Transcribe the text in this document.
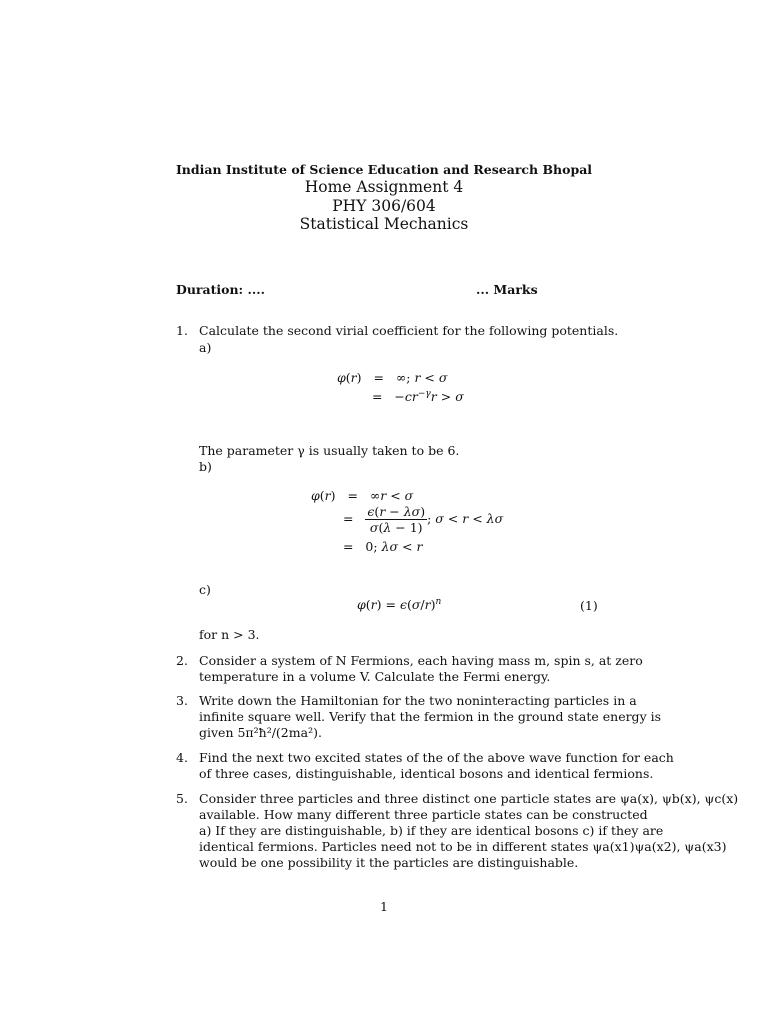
Indian Institute of Science Education and Research Bhopal
Home Assignment 4
PHY 306/604
Statistical Mechanics
Duration: ....	... Marks
1. Calculate the second virial coefficient for the following potentials.
a)
φ(r)   =   ∞; r < σ
=   $-cr^{-\gamma}r > \sigma$
The parameter γ is usually taken to be 6.
b)
φ(r)   =   ∞r < σ
= $\frac{\epsilon(r - \lambda\sigma)}{\sigma(\lambda - 1)}$ ; σ < r < λσ
=   0; λσ < r
c)
$\varphi(r) = \epsilon(\sigma/r)^n$	(1)
for n > 3.
2. Consider a system of N Fermions, each having mass m, spin s, at zero
temperature in a volume V. Calculate the Fermi energy.
3. Write down the Hamiltonian for the two noninteracting particles in a
infinite square well. Verify that the fermion in the ground state energy is
given 5π²ħ²/(2ma²).
4. Find the next two excited states of the of the above wave function for each
of three cases, distinguishable, identical bosons and identical fermions.
5. Consider three particles and three distinct one particle states are ψa(x), ψb(x), ψc(x)
available. How many different three particle states can be constructed
a) If they are distinguishable, b) if they are identical bosons c) if they are
identical fermions. Particles need not to be in different states ψa(x1)ψa(x2), ψa(x3)
would be one possibility it the particles are distinguishable.
1
